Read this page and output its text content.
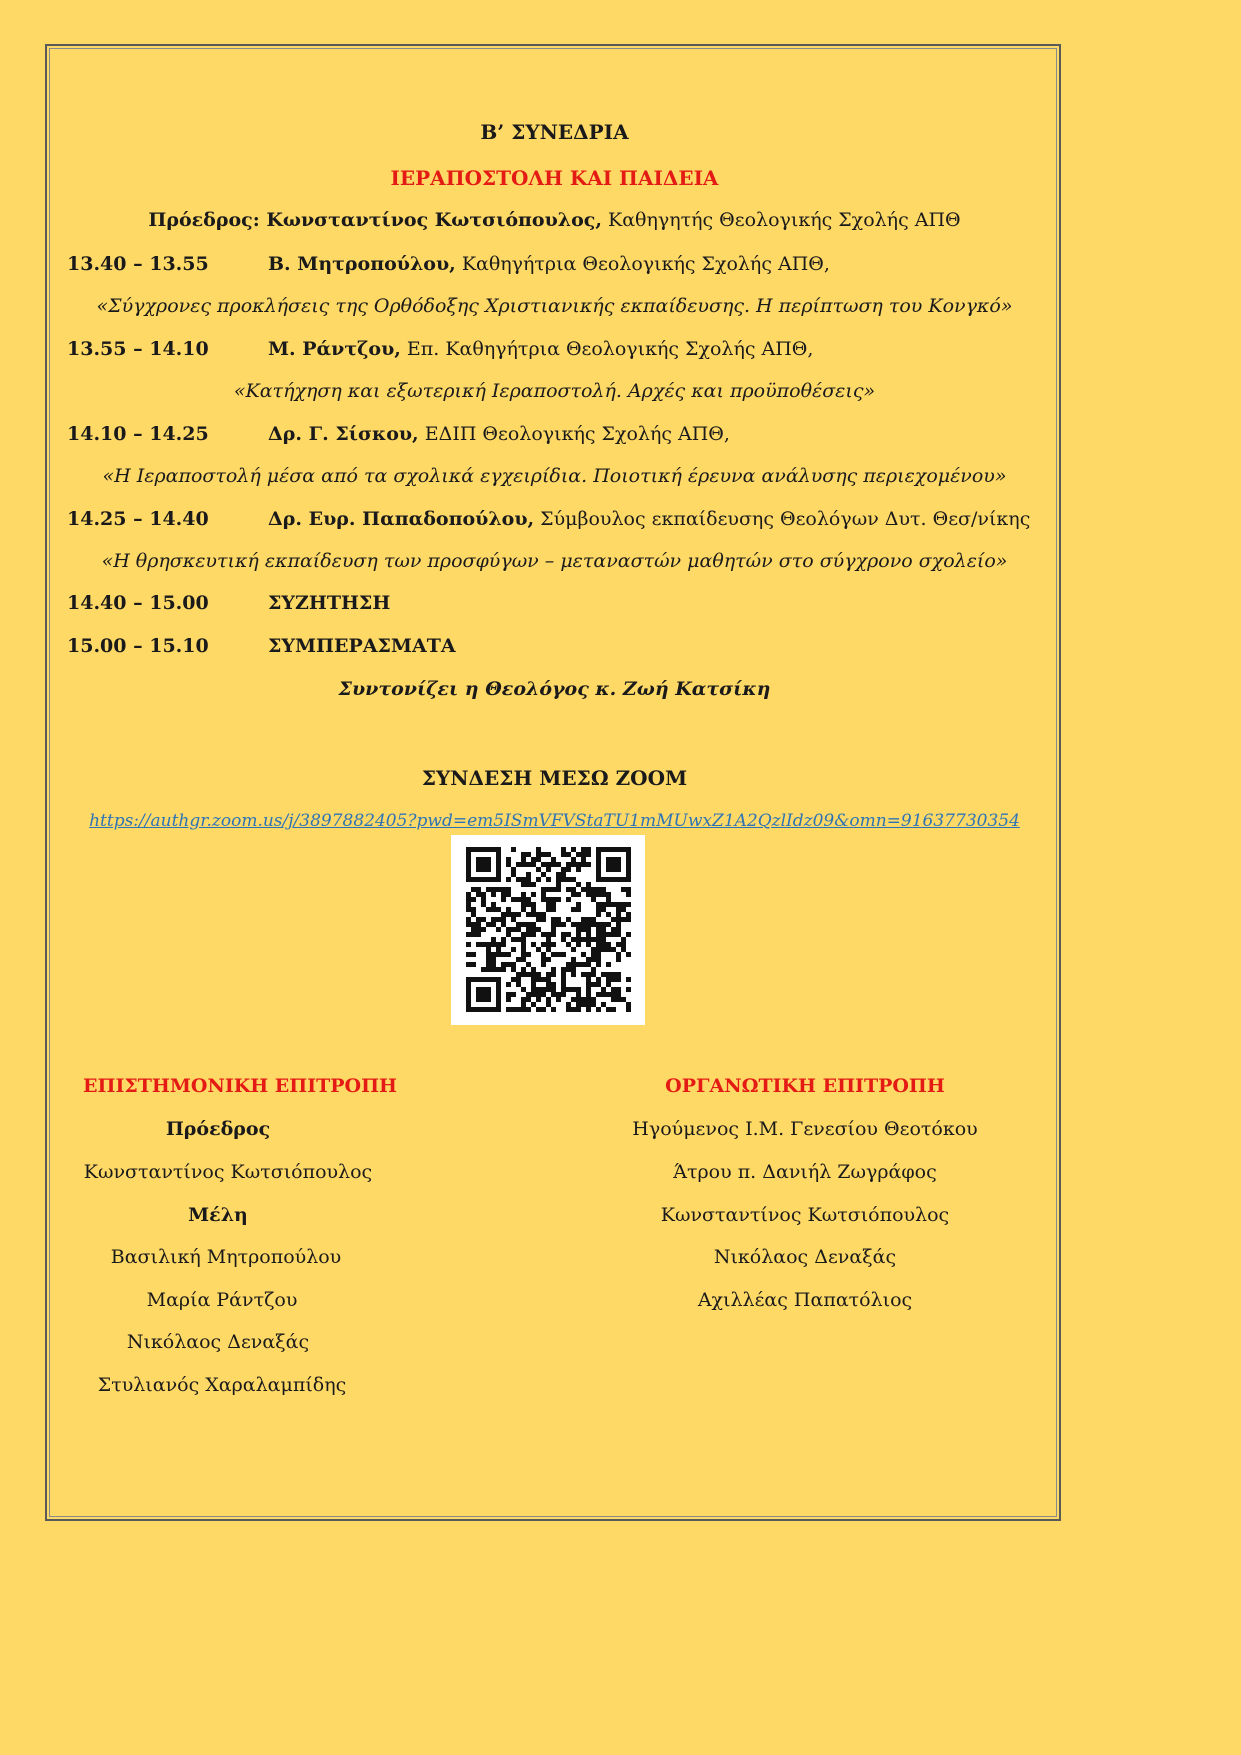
Β’ ΣΥΝΕΔΡΙΑ
ΙΕΡΑΠΟΣΤΟΛΗ ΚΑΙ ΠΑΙΔΕΙΑ
Πρόεδρος: Κωνσταντίνος Κωτσιόπουλος, Καθηγητής Θεολογικής Σχολής ΑΠΘ
13.40 – 13.55	Β. Μητροπούλου, Καθηγήτρια Θεολογικής Σχολής ΑΠΘ,
«Σύγχρονες προκλήσεις της Ορθόδοξης Χριστιανικής εκπαίδευσης. Η περίπτωση του Κονγκό»
13.55 – 14.10	Μ. Ράντζου, Επ. Καθηγήτρια Θεολογικής Σχολής ΑΠΘ,
«Κατήχηση και εξωτερική Ιεραποστολή. Αρχές και προϋποθέσεις»
14.10 – 14.25	Δρ. Γ. Σίσκου, ΕΔΙΠ Θεολογικής Σχολής ΑΠΘ,
«Η Ιεραποστολή μέσα από τα σχολικά εγχειρίδια. Ποιοτική έρευνα ανάλυσης περιεχομένου»
14.25 – 14.40	Δρ. Ευρ. Παπαδοπούλου, Σύμβουλος εκπαίδευσης Θεολόγων Δυτ. Θεσ/νίκης
«Η θρησκευτική εκπαίδευση των προσφύγων – μεταναστών μαθητών στο σύγχρονο σχολείο»
14.40 – 15.00	ΣΥΖΗΤΗΣΗ
15.00 – 15.10	ΣΥΜΠΕΡΑΣΜΑΤΑ
Συντονίζει η Θεολόγος κ. Ζωή Κατσίκη
ΣΥΝΔΕΣΗ ΜΕΣΩ ZOOM
https://authgr.zoom.us/j/3897882405?pwd=em5ISmVFVStaTU1mMUwxZ1A2QzlIdz09&omn=91637730354
ΕΠΙΣΤΗΜΟΝΙΚΗ ΕΠΙΤΡΟΠΗ
Πρόεδρος
Κωνσταντίνος Κωτσιόπουλος
Μέλη
Βασιλική Μητροπούλου
Μαρία Ράντζου
Νικόλαος Δεναξάς
Στυλιανός Χαραλαμπίδης
ΟΡΓΑΝΩΤΙΚΗ ΕΠΙΤΡΟΠΗ
Ηγούμενος Ι.Μ. Γενεσίου Θεοτόκου
Άτρου π. Δανιήλ Ζωγράφος
Κωνσταντίνος Κωτσιόπουλος
Νικόλαος Δεναξάς
Αχιλλέας Παπατόλιος
